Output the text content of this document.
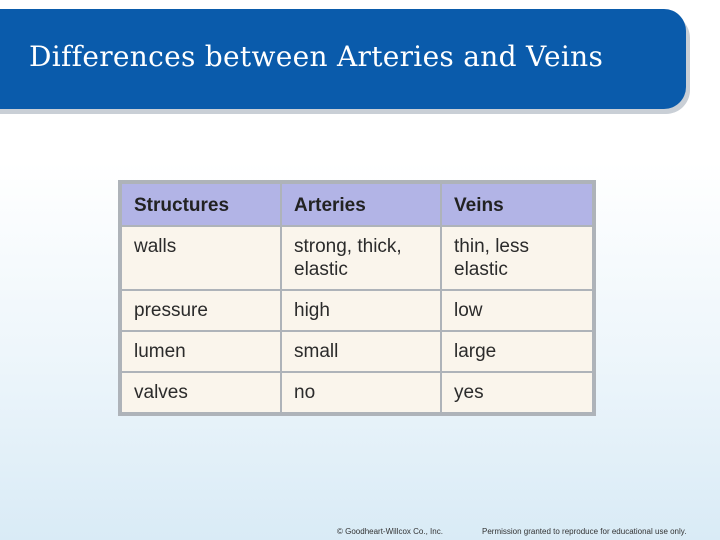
Differences between Arteries and Veins
Structures	Arteries	Veins
walls	strong, thick, elastic	thin, less elastic
pressure	high	low
lumen	small	large
valves	no	yes
© Goodheart-Willcox Co., Inc.	Permission granted to reproduce for educational use only.
